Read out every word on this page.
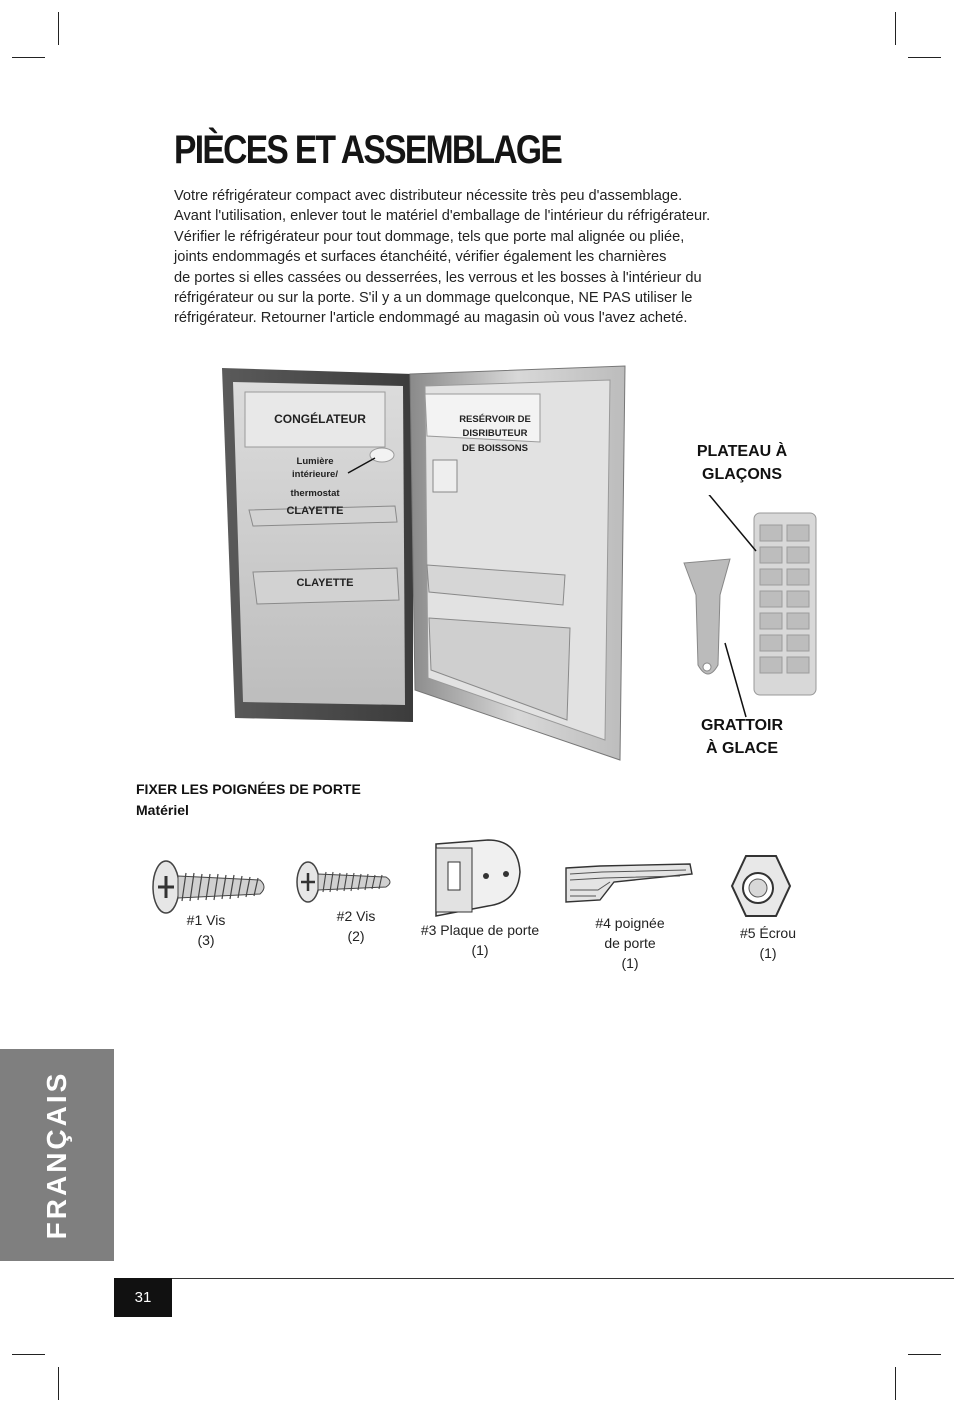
PIÈCES ET ASSEMBLAGE
Votre réfrigérateur compact avec distributeur nécessite très peu d'assemblage.
Avant l'utilisation, enlever tout le matériel d'emballage de l'intérieur du réfrigérateur.
Vérifier le réfrigérateur pour tout dommage, tels que porte mal alignée ou pliée,
joints endommagés et surfaces étanchéité, vérifier également les charnières
de portes si elles cassées ou desserrées, les verrous et les bosses à l'intérieur du
réfrigérateur ou sur la porte. S'il y a un dommage quelconque, NE PAS utiliser le
réfrigérateur. Retourner l'article endommagé au magasin où vous l'avez acheté.
CONGÉLATEUR
Lumière
intérieure/
thermostat
CLAYETTE
CLAYETTE
RESÉRVOIR DE
DISRIBUTEUR
DE BOISSONS	PLATEAU À
GLAÇONS
GRATTOIR
À GLACE
FIXER LES POIGNÉES DE PORTE
Matériel
#1 Vis
(3)
#2 Vis
(2)	#3 Plaque de porte
(1)
#4 poignée
de porte
(1)
#5 Écrou
(1)
FRANÇAIS
31
